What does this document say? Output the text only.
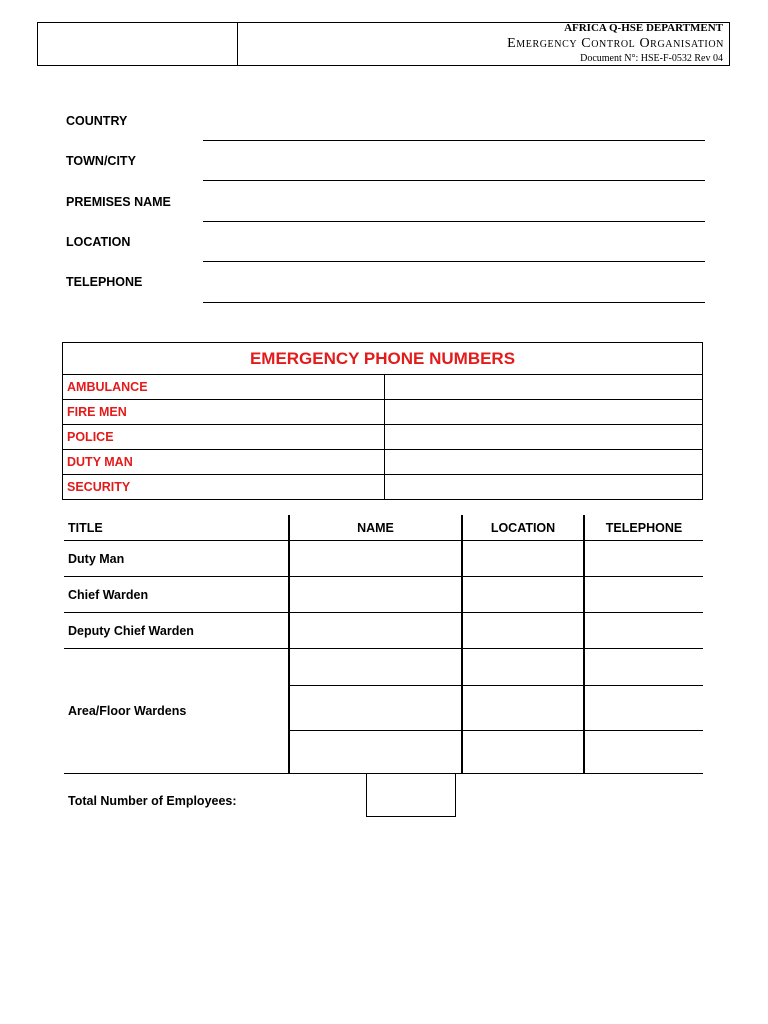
AFRICA Q-HSE DEPARTMENT
Emergency Control Organisation
Document N°: HSE-F-0532 Rev 04
COUNTRY
TOWN/CITY
PREMISES NAME
LOCATION
TELEPHONE
EMERGENCY PHONE NUMBERS	
AMBULANCE	
FIRE MEN	
POLICE	
DUTY MAN	
SECURITY	
TITLE	NAME	LOCATION	TELEPHONE
Duty Man			
Chief Warden			
Deputy Chief Warden			
Area/Floor Wardens			

Total Number of Employees:
